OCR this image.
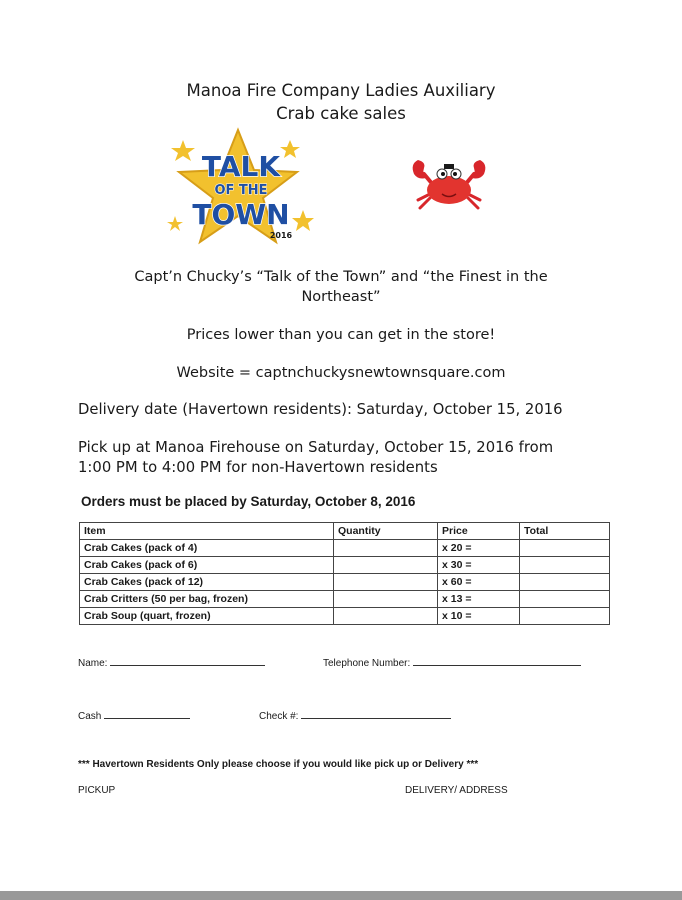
Manoa Fire Company Ladies Auxiliary
Crab cake sales
TALK
OF THE
TOWN
2016
Capt’n Chucky’s “Talk of the Town” and “the Finest in the
Northeast”
Prices lower than you can get in the store!
Website = captnchuckysnewtownsquare.com
Delivery date (Havertown residents): Saturday, October 15, 2016
Pick up at Manoa Firehouse on Saturday, October 15, 2016 from
1:00 PM to 4:00 PM for non-Havertown residents
Orders must be placed by Saturday, October 8, 2016
Item	Quantity	Price	Total
Crab Cakes (pack of 4)		x 20 =	
Crab Cakes (pack of 6)		x 30 =	
Crab Cakes (pack of 12)		x 60 =	
Crab Critters (50 per bag, frozen)		x 13 =	
Crab Soup (quart, frozen)		x 10 =	
Name:	Telephone Number:
Cash	Check #:
*** Havertown Residents Only please choose if you would like pick up or Delivery ***
PICKUP	DELIVERY/ ADDRESS
